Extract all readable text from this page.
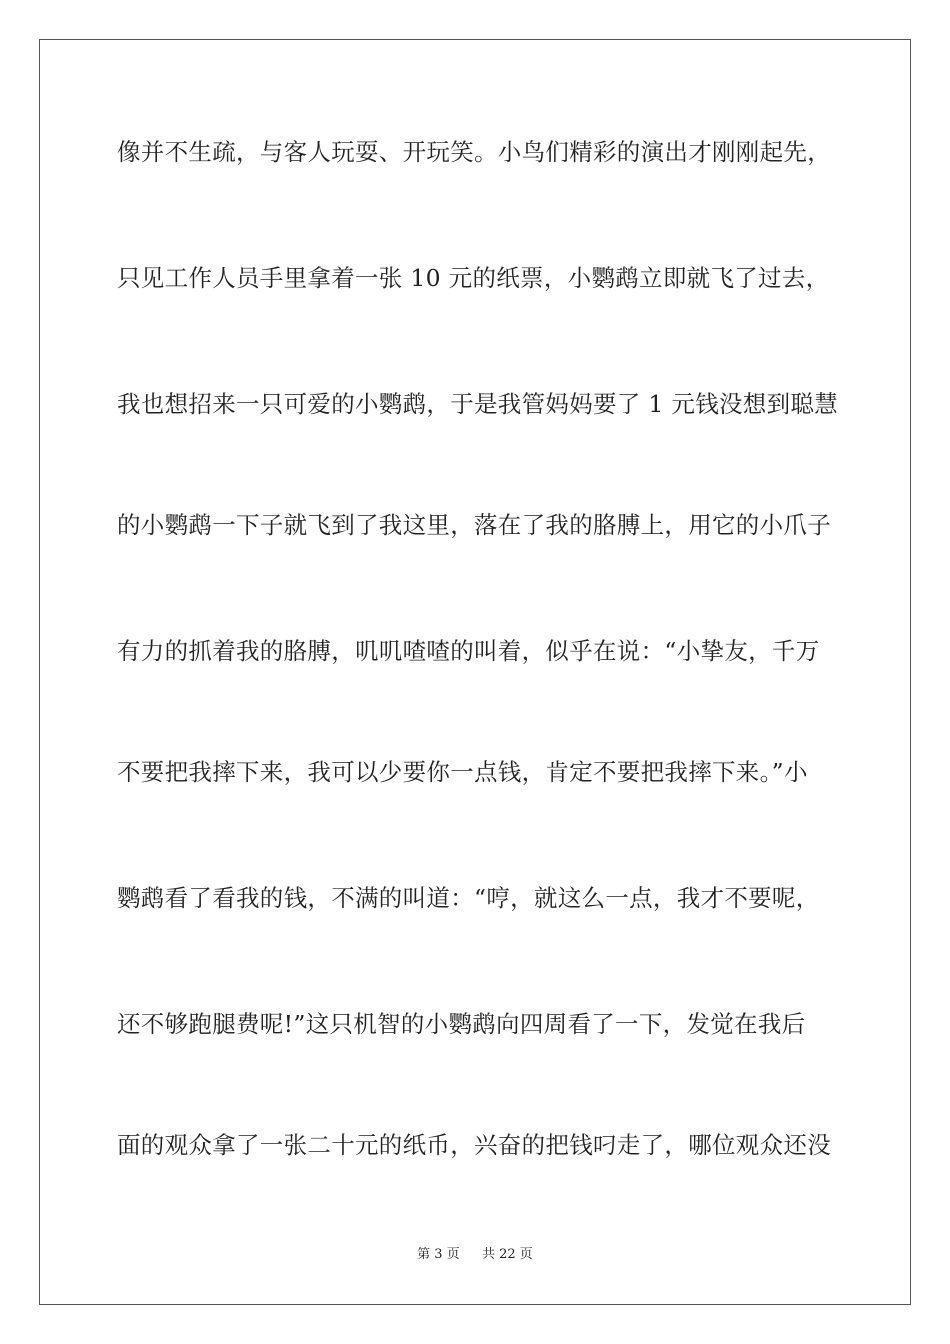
像并不生疏，与客人玩耍、开玩笑。小鸟们精彩的演出才刚刚起先，
只见工作人员手里拿着一张 10 元的纸票，小鹦鹉立即就飞了过去，
我也想招来一只可爱的小鹦鹉，于是我管妈妈要了 1 元钱没想到聪慧
的小鹦鹉一下子就飞到了我这里，落在了我的胳膊上，用它的小爪子
有力的抓着我的胳膊，叽叽喳喳的叫着，似乎在说：“小挚友，千万
不要把我摔下来，我可以少要你一点钱，肯定不要把我摔下来。”小
鹦鹉看了看我的钱，不满的叫道：“哼，就这么一点，我才不要呢，
还不够跑腿费呢!”这只机智的小鹦鹉向四周看了一下，发觉在我后
面的观众拿了一张二十元的纸币，兴奋的把钱叼走了，哪位观众还没
第 3 页 共 22 页
